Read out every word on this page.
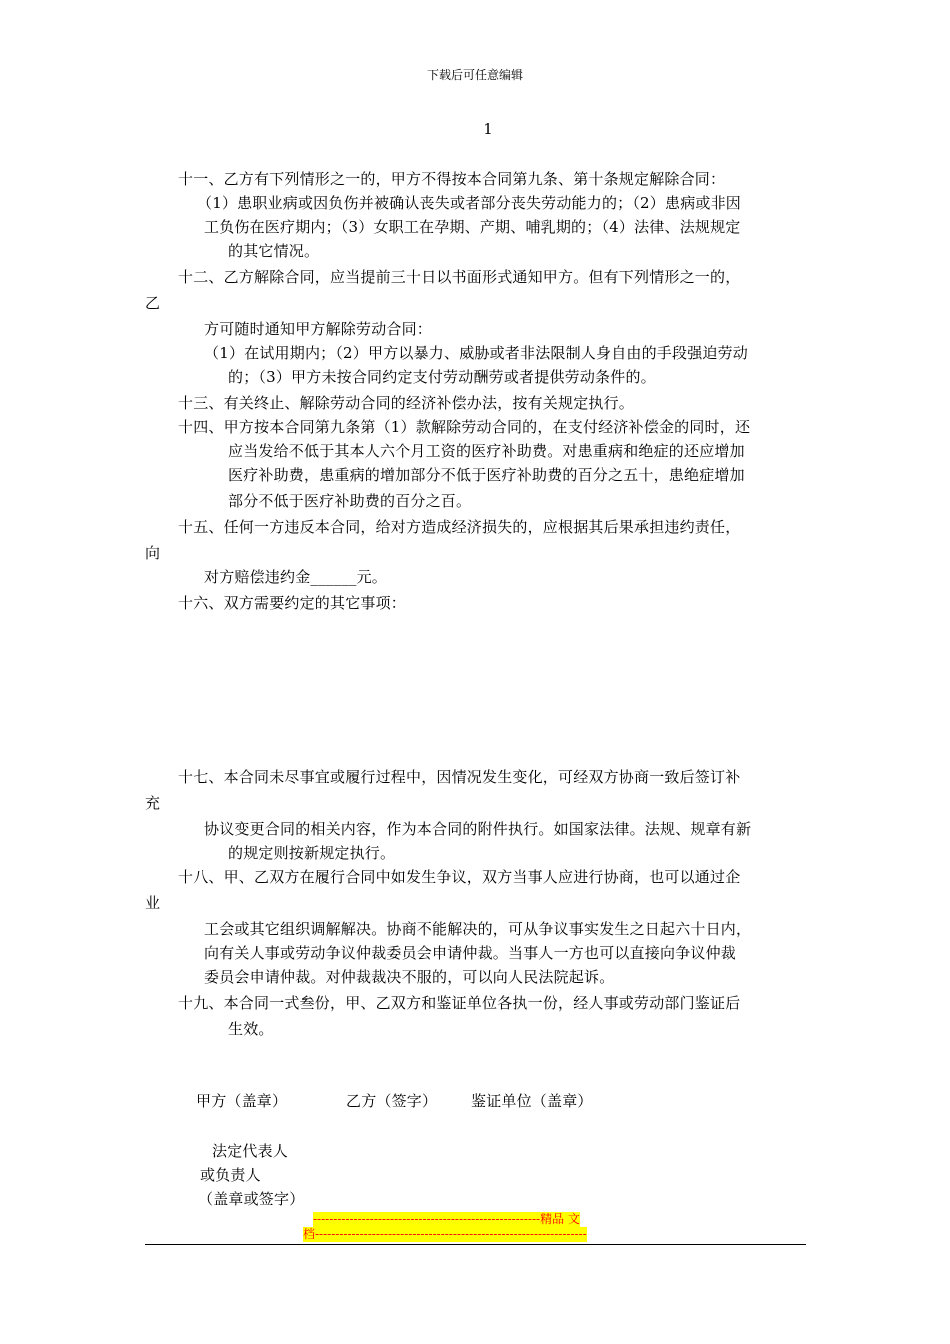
下载后可任意编辑
1
十一、乙方有下列情形之一的，甲方不得按本合同第九条、第十条规定解除合同：
（1）患职业病或因负伤并被确认丧失或者部分丧失劳动能力的；（2）患病或非因
工负伤在医疗期内；（3）女职工在孕期、产期、哺乳期的；（4）法律、法规规定
的其它情况。
十二、乙方解除合同，应当提前三十日以书面形式通知甲方。但有下列情形之一的，
乙
方可随时通知甲方解除劳动合同：
（1）在试用期内；（2）甲方以暴力、威胁或者非法限制人身自由的手段强迫劳动
的；（3）甲方未按合同约定支付劳动酬劳或者提供劳动条件的。
十三、有关终止、解除劳动合同的经济补偿办法，按有关规定执行。
十四、甲方按本合同第九条第（1）款解除劳动合同的，在支付经济补偿金的同时，还
应当发给不低于其本人六个月工资的医疗补助费。对患重病和绝症的还应增加
医疗补助费，患重病的增加部分不低于医疗补助费的百分之五十，患绝症增加
部分不低于医疗补助费的百分之百。
十五、任何一方违反本合同，给对方造成经济损失的，应根据其后果承担违约责任，
向
对方赔偿违约金______元。
十六、双方需要约定的其它事项：
十七、本合同未尽事宜或履行过程中，因情况发生变化，可经双方协商一致后签订补
充
协议变更合同的相关内容，作为本合同的附件执行。如国家法律。法规、规章有新
的规定则按新规定执行。
十八、甲、乙双方在履行合同中如发生争议，双方当事人应进行协商，也可以通过企
业
工会或其它组织调解解决。协商不能解决的，可从争议事实发生之日起六十日内，
向有关人事或劳动争议仲裁委员会申请仲裁。当事人一方也可以直接向争议仲裁
委员会申请仲裁。对仲裁裁决不服的，可以向人民法院起诉。
十九、本合同一式叁份，甲、乙双方和鉴证单位各执一份，经人事或劳动部门鉴证后
生效。
甲方（盖章）	乙方（签字） 鉴证单位（盖章）
法定代表人
或负责人
（盖章或签字）
--------------------------------------------------------精品 文
档-------------------------------------------------------------------
